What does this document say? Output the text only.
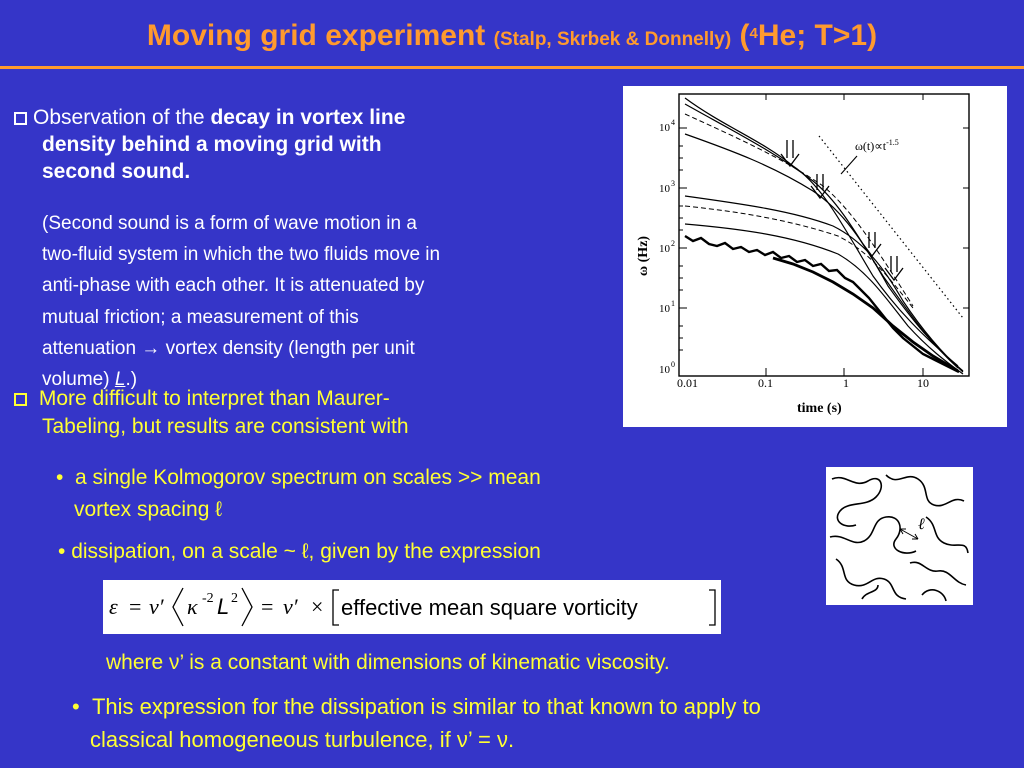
Moving grid experiment (Stalp, Skrbek & Donnelly) ($^4$He; T>1)
Observation of the decay in vortex line
density behind a moving grid with
second sound.
(Second sound is a form of wave motion in a
two-fluid system in which the two fluids move in
anti-phase with each other. It is attenuated by
mutual friction; a measurement of this
attenuation → vortex density (length per unit
volume) L.)
More difficult to interpret than Maurer-
Tabeling, but results are consistent with
• a single Kolmogorov spectrum on scales >> mean
vortex spacing ℓ
• dissipation, on a scale ~ ℓ, given by the expression
ε = ν′ κ -2 L 2 = ν′ × effective mean square vorticity
where ν’ is a constant with dimensions of kinematic viscosity.
• This expression for the dissipation is similar to that known to apply to
classical homogeneous turbulence, if ν’ = ν.
10 4
10 3
10 2
10 1
10 0
0.01	0.1	1	10
time (s)
ω (Hz)
$\omega(t)\propto t^{-1.5}$
ℓ
